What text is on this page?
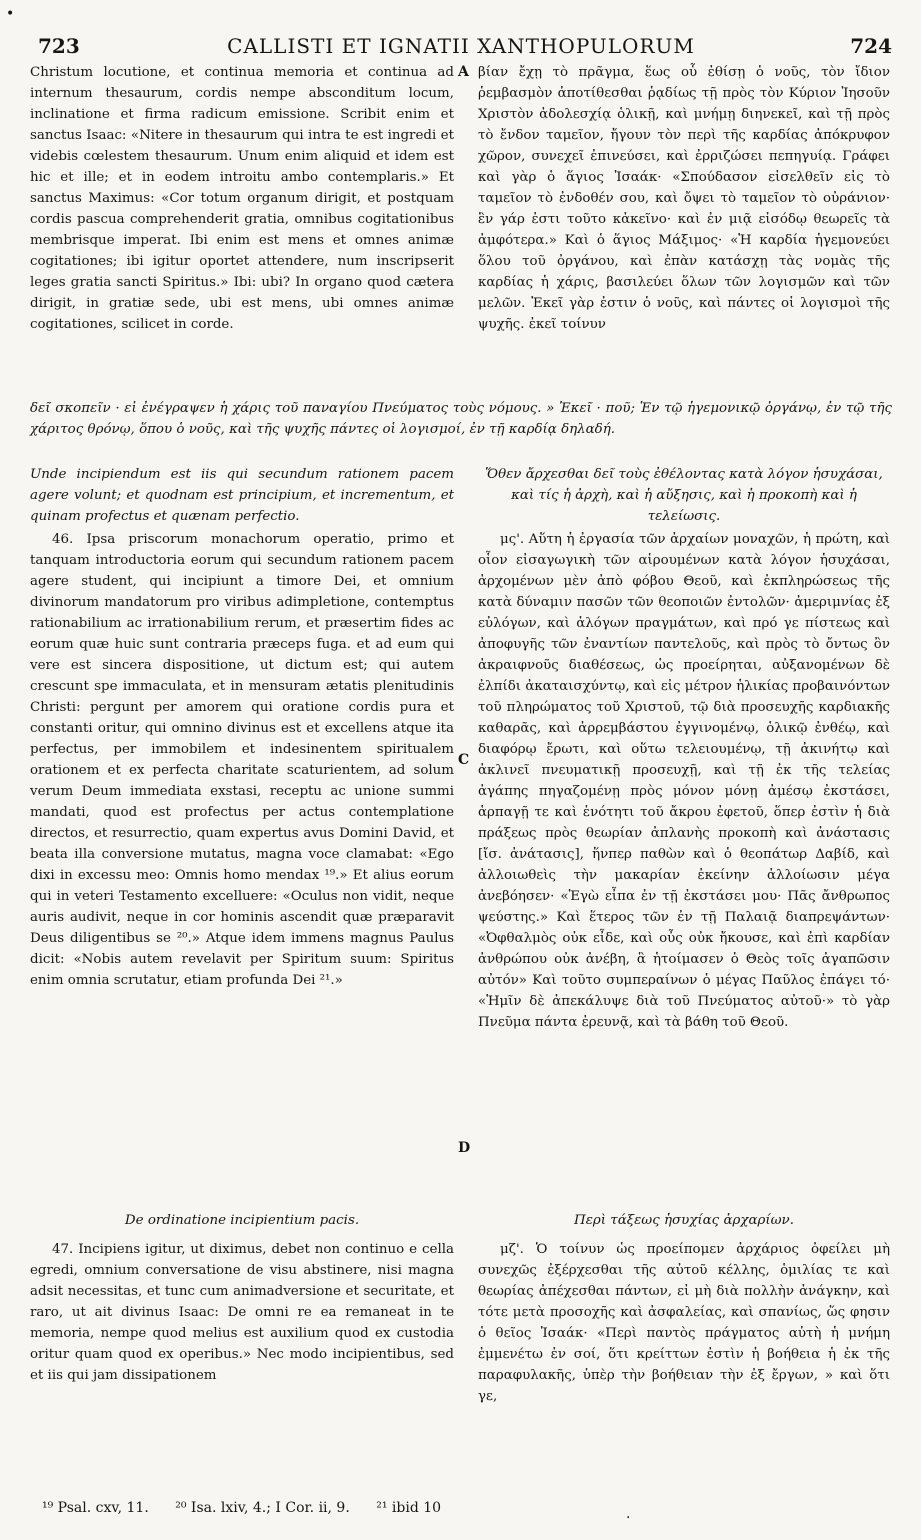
•
723	CALLISTI ET IGNATII XANTHOPULORUM	724

Christum locutione, et continua memoria et continua ad internum thesaurum, cordis nempe absconditum locum, inclinatione et firma radicum emissione. Scribit enim et sanctus Isaac: «Nitere in thesaurum qui intra te est ingredi et videbis cœlestem thesaurum. Unum enim aliquid et idem est hic et ille; et in eodem introitu ambo contemplaris.» Et sanctus Maximus: «Cor totum organum dirigit, et postquam cordis pascua comprehenderit gratia, omnibus cogitationibus membrisque imperat. Ibi enim est mens et omnes animæ cogitationes; ibi igitur oportet attendere, num inscripserit leges gratia sancti Spiritus.» Ibi: ubi? In organo quod cætera dirigit, in gratiæ sede, ubi est mens, ubi omnes animæ cogitationes, scilicet in corde.

A βίαν ἔχῃ τὸ πρᾶγμα, ἕως οὗ ἐθίσῃ ὁ νοῦς, τὸν ἴδιον ῥεμβασμὸν ἀποτίθεσθαι ῥᾳδίως τῇ πρὸς τὸν Κύριον Ἰησοῦν Χριστὸν ἀδολεσχίᾳ ὁλικῇ, καὶ μνήμῃ διηνεκεῖ, καὶ τῇ πρὸς τὸ ἔνδον ταμεῖον, ἤγουν τὸν περὶ τῆς καρδίας ἀπόκρυφον χῶρον, συνεχεῖ ἐπινεύσει, καὶ ἐρριζώσει πεπηγυίᾳ. Γράφει καὶ γὰρ ὁ ἅγιος Ἰσαάκ· «Σπούδασον εἰσελθεῖν εἰς τὸ ταμεῖον τὸ ἐνδοθέν σου, καὶ ὄψει τὸ ταμεῖον τὸ οὐράνιον· ἓν γάρ ἐστι τοῦτο κἀκεῖνο· καὶ ἐν μιᾷ εἰσόδῳ θεωρεῖς τὰ ἀμφότερα.» Καὶ ὁ ἅγιος Μάξιμος· «Ἡ καρδία ἡγεμονεύει ὅλου τοῦ ὀργάνου, καὶ ἐπὰν κατάσχῃ τὰς νομὰς τῆς καρδίας ἡ χάρις, βασιλεύει ὅλων τῶν λογισμῶν καὶ τῶν μελῶν. Ἐκεῖ γὰρ ἐστιν ὁ νοῦς, καὶ πάντες οἱ λογισμοὶ τῆς ψυχῆς. ἐκεῖ τοίνυν

δεῖ σκοπεῖν · εἰ ἐνέγραψεν ἡ χάρις τοῦ παναγίου Πνεύματος τοὺς νόμους. » Ἐκεῖ · ποῦ; Ἐν τῷ ἡγεμονικῷ ὀργάνῳ, ἐν τῷ τῆς χάριτος θρόνῳ, ὅπου ὁ νοῦς, καὶ τῆς ψυχῆς πάντες οἱ λογισμοί, ἐν τῇ καρδίᾳ δηλαδή.

Unde incipiendum est iis qui secundum rationem pacem agere volunt; et quodnam est principium, et incrementum, et quinam profectus et quænam perfectio.

Ὅθεν ἄρχεσθαι δεῖ τοὺς ἐθέλοντας κατὰ λόγον ἡσυχάσαι, καὶ τίς ἡ ἀρχὴ, καὶ ἡ αὔξησις, καὶ ἡ προκοπὴ καὶ ἡ τελείωσις.

46. Ipsa priscorum monachorum operatio, primo et tanquam introductoria eorum qui secundum rationem pacem agere student, qui incipiunt a timore Dei, et omnium divinorum mandatorum pro viribus adimpletione, contemptus rationabilium ac irrationabilium rerum, et præsertim fides ac eorum quæ huic sunt contraria præceps fuga. et ad eum qui vere est sincera dispositione, ut dictum est; qui autem crescunt spe immaculata, et in mensuram ætatis plenitudinis Christi: pergunt per amorem qui oratione cordis pura et constanti oritur, qui omnino divinus est et excellens atque ita perfectus, per immobilem et indesinentem spiritualem orationem et ex perfecta charitate scaturientem, ad solum verum Deum immediata exstasi, receptu ac unione summi mandati, quod est profectus per actus contemplatione directos, et resurrectio, quam expertus avus Domini David, et beata illa conversione mutatus, magna voce clamabat: «Ego dixi in excessu meo: Omnis homo mendax ¹⁹.» Et alius eorum qui in veteri Testamento excelluere: «Oculus non vidit, neque auris audivit, neque in cor hominis ascendit quæ præparavit Deus diligentibus se ²⁰.» Atque idem immens magnus Paulus dicit: «Nobis autem revelavit per Spiritum suum: Spiritus enim omnia scrutatur, etiam profunda Dei ²¹.»

C
D

μς'. Αὕτη ἡ ἐργασία τῶν ἀρχαίων μοναχῶν, ἡ πρώτη, καὶ οἷον εἰσαγωγικὴ τῶν αἱρουμένων κατὰ λόγον ἡσυχάσαι, ἀρχομένων μὲν ἀπὸ φόβου Θεοῦ, καὶ ἐκπληρώσεως τῆς κατὰ δύναμιν πασῶν τῶν θεοποιῶν ἐντολῶν· ἀμεριμνίας ἐξ εὐλόγων, καὶ ἀλόγων πραγμάτων, καὶ πρό γε πίστεως καὶ ἀποφυγῆς τῶν ἐναντίων παντελοῦς, καὶ πρὸς τὸ ὄντως ὂν ἀκραιφνοῦς διαθέσεως, ὡς προείρηται, αὐξανομένων δὲ ἐλπίδι ἀκαταισχύντῳ, καὶ εἰς μέτρον ἡλικίας προβαινόντων τοῦ πληρώματος τοῦ Χριστοῦ, τῷ διὰ προσευχῆς καρδιακῆς καθαρᾶς, καὶ ἀρρεμβάστου ἐγγινομένῳ, ὁλικῷ ἐνθέῳ, καὶ διαφόρῳ ἔρωτι, καὶ οὕτω τελειουμένῳ, τῇ ἀκινήτῳ καὶ ἀκλινεῖ πνευματικῇ προσευχῇ, καὶ τῇ ἐκ τῆς τελείας ἀγάπης πηγαζομένῃ πρὸς μόνον μόνῃ ἀμέσῳ ἐκστάσει, ἁρπαγῇ τε καὶ ἑνότητι τοῦ ἄκρου ἐφετοῦ, ὅπερ ἐστὶν ἡ διὰ πράξεως πρὸς θεωρίαν ἀπλανὴς προκοπὴ καὶ ἀνάστασις [ἴσ. ἀνάτασις], ἥνπερ παθὼν καὶ ὁ θεοπάτωρ Δαβίδ, καὶ ἀλλοιωθεὶς τὴν μακαρίαν ἐκείνην ἀλλοίωσιν μέγα ἀνεβόησεν· «Ἐγὼ εἶπα ἐν τῇ ἐκστάσει μου· Πᾶς ἄνθρωπος ψεύστης.» Καὶ ἕτερος τῶν ἐν τῇ Παλαιᾷ διαπρεψάντων· «Ὀφθαλμὸς οὐκ εἶδε, καὶ οὖς οὐκ ἤκουσε, καὶ ἐπὶ καρδίαν ἀνθρώπου οὐκ ἀνέβη, ἃ ἡτοίμασεν ὁ Θεὸς τοῖς ἀγαπῶσιν αὐτόν» Καὶ τοῦτο συμπεραίνων ὁ μέγας Παῦλος ἐπάγει τό· «Ἡμῖν δὲ ἀπεκάλυψε διὰ τοῦ Πνεύματος αὐτοῦ·» τὸ γὰρ Πνεῦμα πάντα ἐρευνᾷ, καὶ τὰ βάθη τοῦ Θεοῦ.

De ordinatione incipientium pacis.

47. Incipiens igitur, ut diximus, debet non continuo e cella egredi, omnium conversatione de visu abstinere, nisi magna adsit necessitas, et tunc cum animadversione et securitate, et raro, ut ait divinus Isaac: De omni re ea remaneat in te memoria, nempe quod melius est auxilium quod ex custodia oritur quam quod ex operibus.» Nec modo incipientibus, sed et iis qui jam dissipationem

Περὶ τάξεως ἡσυχίας ἀρχαρίων.

μζ'. Ὁ τοίνυν ὡς προείπομεν ἀρχάριος ὀφείλει μὴ συνεχῶς ἐξέρχεσθαι τῆς αὐτοῦ κέλλης, ὁμιλίας τε καὶ θεωρίας ἀπέχεσθαι πάντων, εἰ μὴ διὰ πολλὴν ἀνάγκην, καὶ τότε μετὰ προσοχῆς καὶ ἀσφαλείας, καὶ σπανίως, ὥς φησιν ὁ θεῖος Ἰσαάκ· «Περὶ παντὸς πράγματος αὐτὴ ἡ μνήμη ἐμμενέτω ἐν σοί, ὅτι κρείττων ἐστὶν ἡ βοήθεια ἡ ἐκ τῆς παραφυλακῆς, ὑπὲρ τὴν βοήθειαν τὴν ἐξ ἔργων, » καὶ ὅτι γε,

¹⁹ Psal. cxv, 11. ²⁰ Isa. lxiv, 4.; I Cor. ii, 9. ²¹ ibid 10
·
